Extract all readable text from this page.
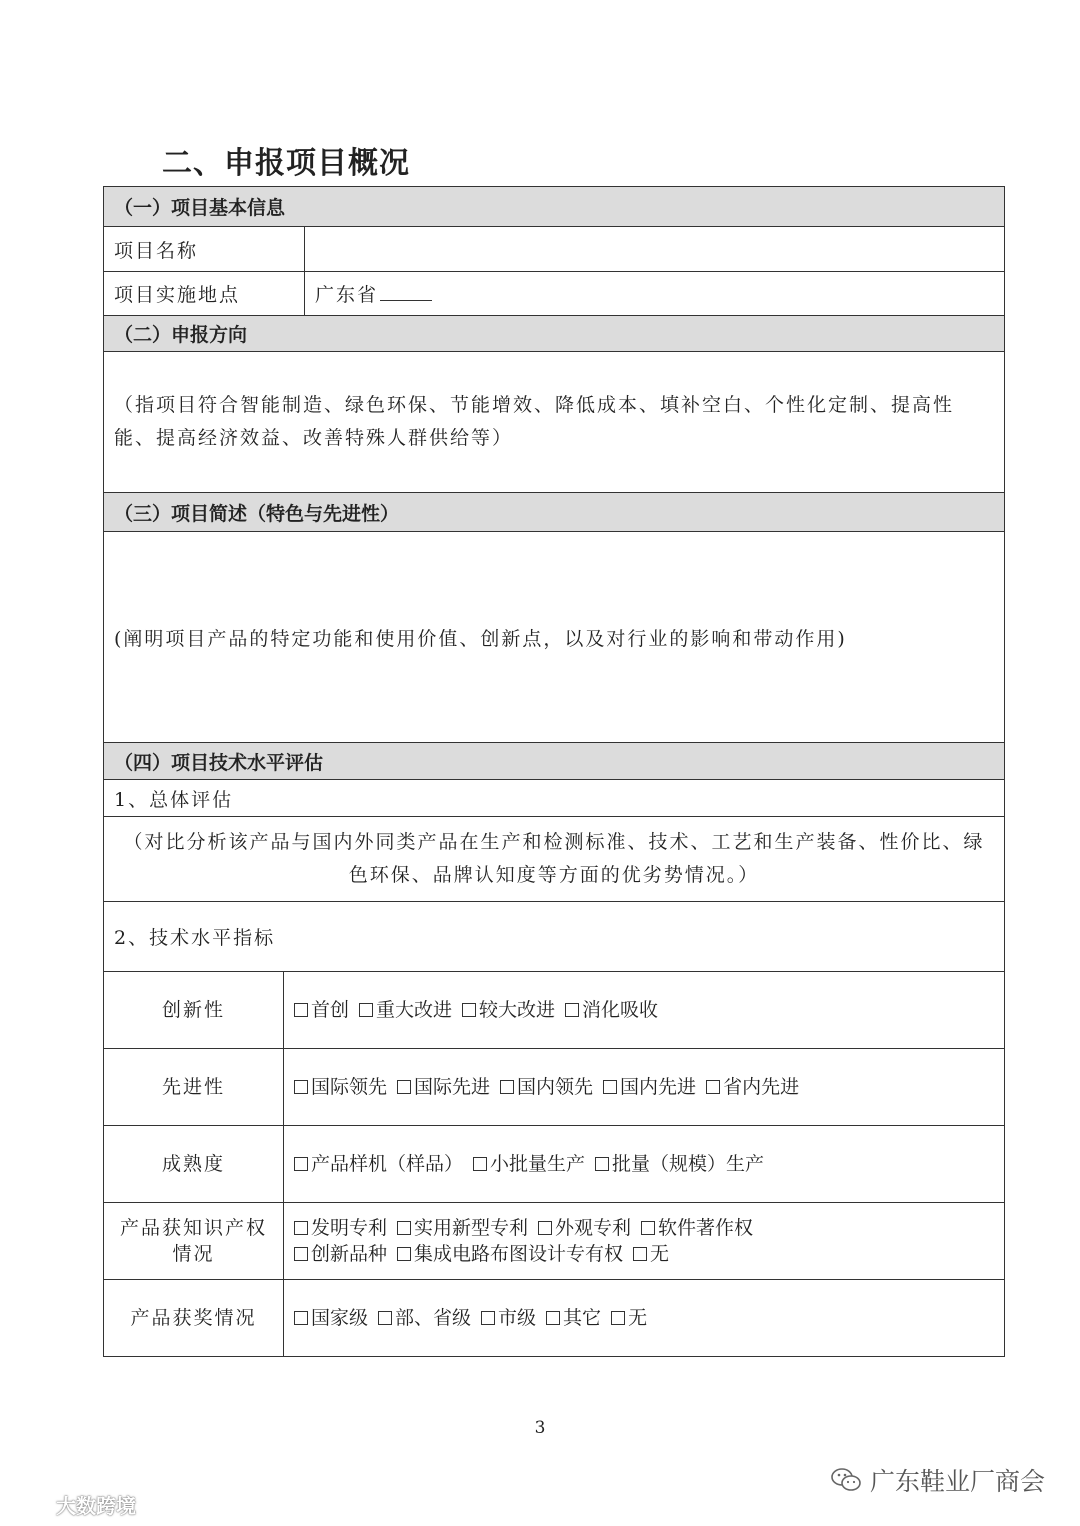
二、申报项目概况
（一）项目基本信息		
项目名称		
项目实施地点		广东省
（二）申报方向		
（指项目符合智能制造、绿色环保、节能增效、降低成本、填补空白、个性化定制、提高性能、提高经济效益、改善特殊人群供给等）		
（三）项目简述（特色与先进性）		
(阐明项目产品的特定功能和使用价值、创新点，以及对行业的影响和带动作用)		
（四）项目技术水平评估		
1、总体评估		
（对比分析该产品与国内外同类产品在生产和检测标准、技术、工艺和生产装备、性价比、绿色环保、品牌认知度等方面的优劣势情况。）		
2、技术水平指标		
创新性	首创 重大改进 较大改进 消化吸收	

先进性	国际领先 国际先进 国内领先 国内先进 省内先进	

成熟度	产品样机（样品） 小批量生产 批量（规模）生产	

产品获知识产权情况	发明专利 实用新型专利 外观专利 软件著作权
创新品种 集成电路布图设计专有权 无	

产品获奖情况	国家级 部、省级 市级 其它 无	
3
广东鞋业厂商会
大数跨境
